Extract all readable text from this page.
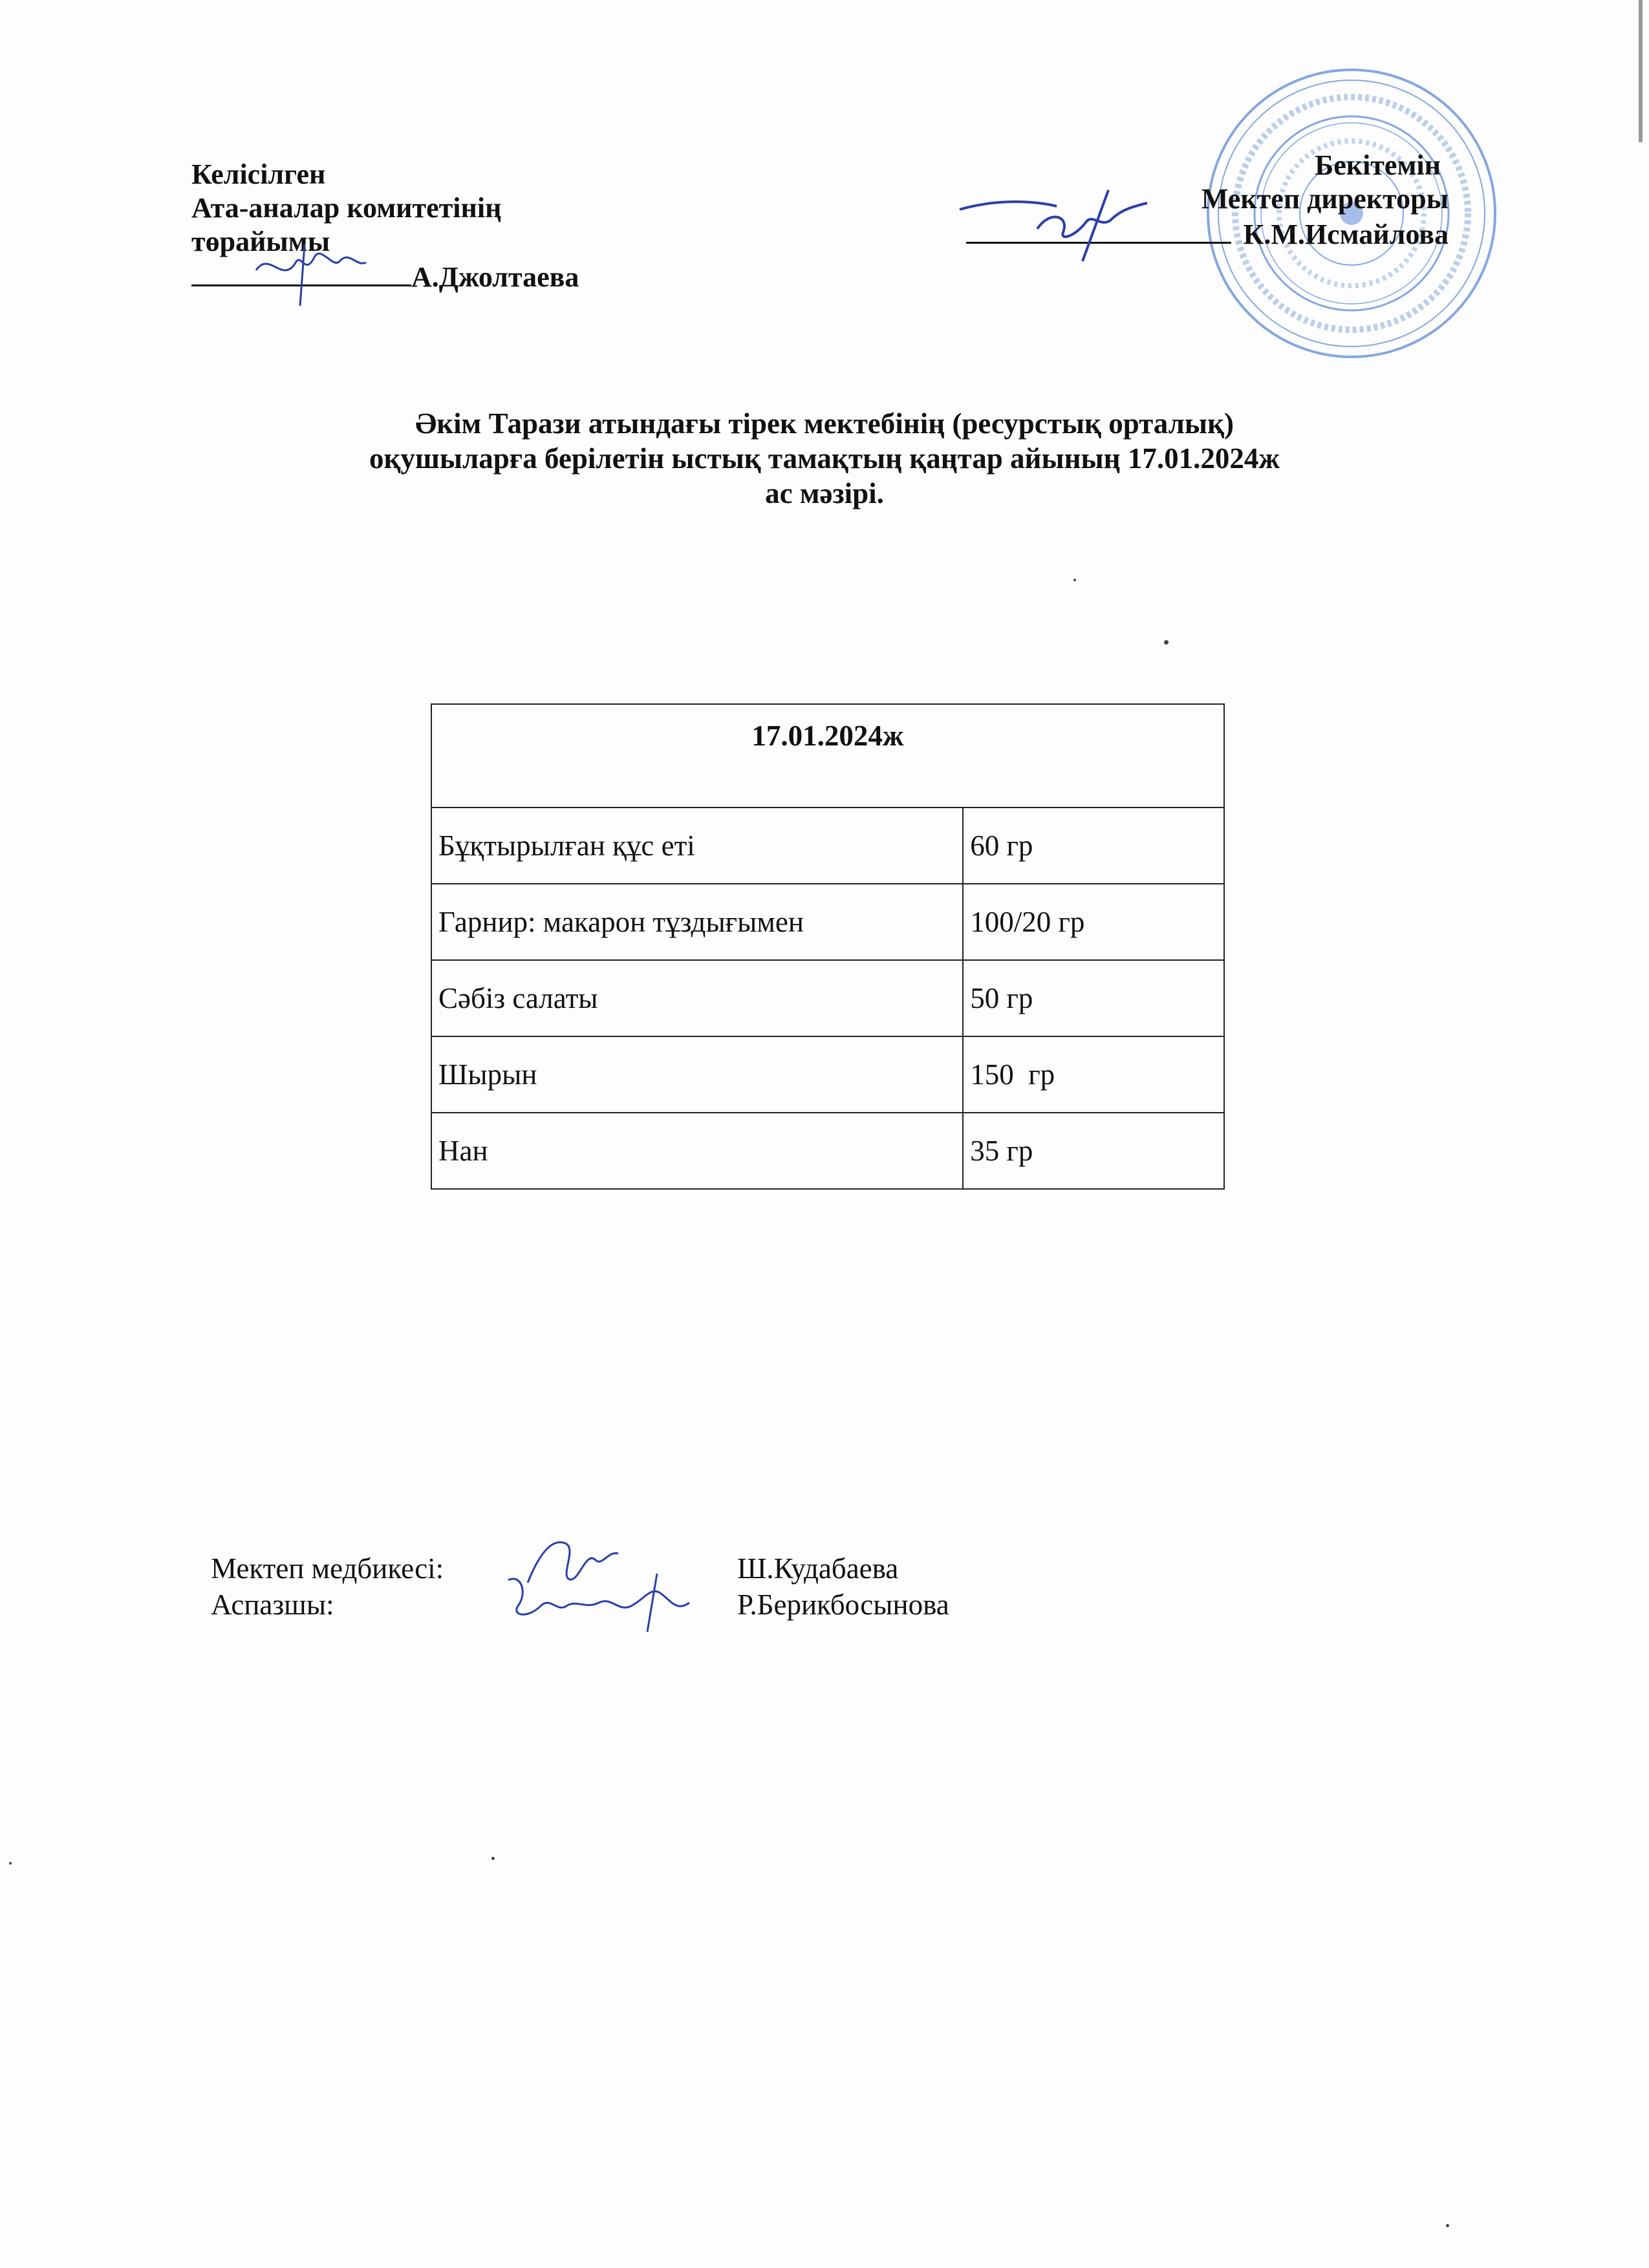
Келісілген
Ата-аналар комитетінің
төрайымы
А.Джолтаева
Бекітемін
Мектеп директоры
К.М.Исмайлова
Әкім Тарази атындағы тірек мектебінің (ресурстық орталық)
оқушыларға берілетін ыстық тамақтың қаңтар айының 17.01.2024ж
ас мәзірі.
17.01.2024ж	
Бұқтырылған құс еті	60 гр
Гарнир: макарон тұздығымен	100/20 гр
Сәбіз салаты	50 гр
Шырын	150  гр
Нан	35 гр
Мектеп медбикесі:	Ш.Кудабаева
Аспазшы:	Р.Берикбосынова
